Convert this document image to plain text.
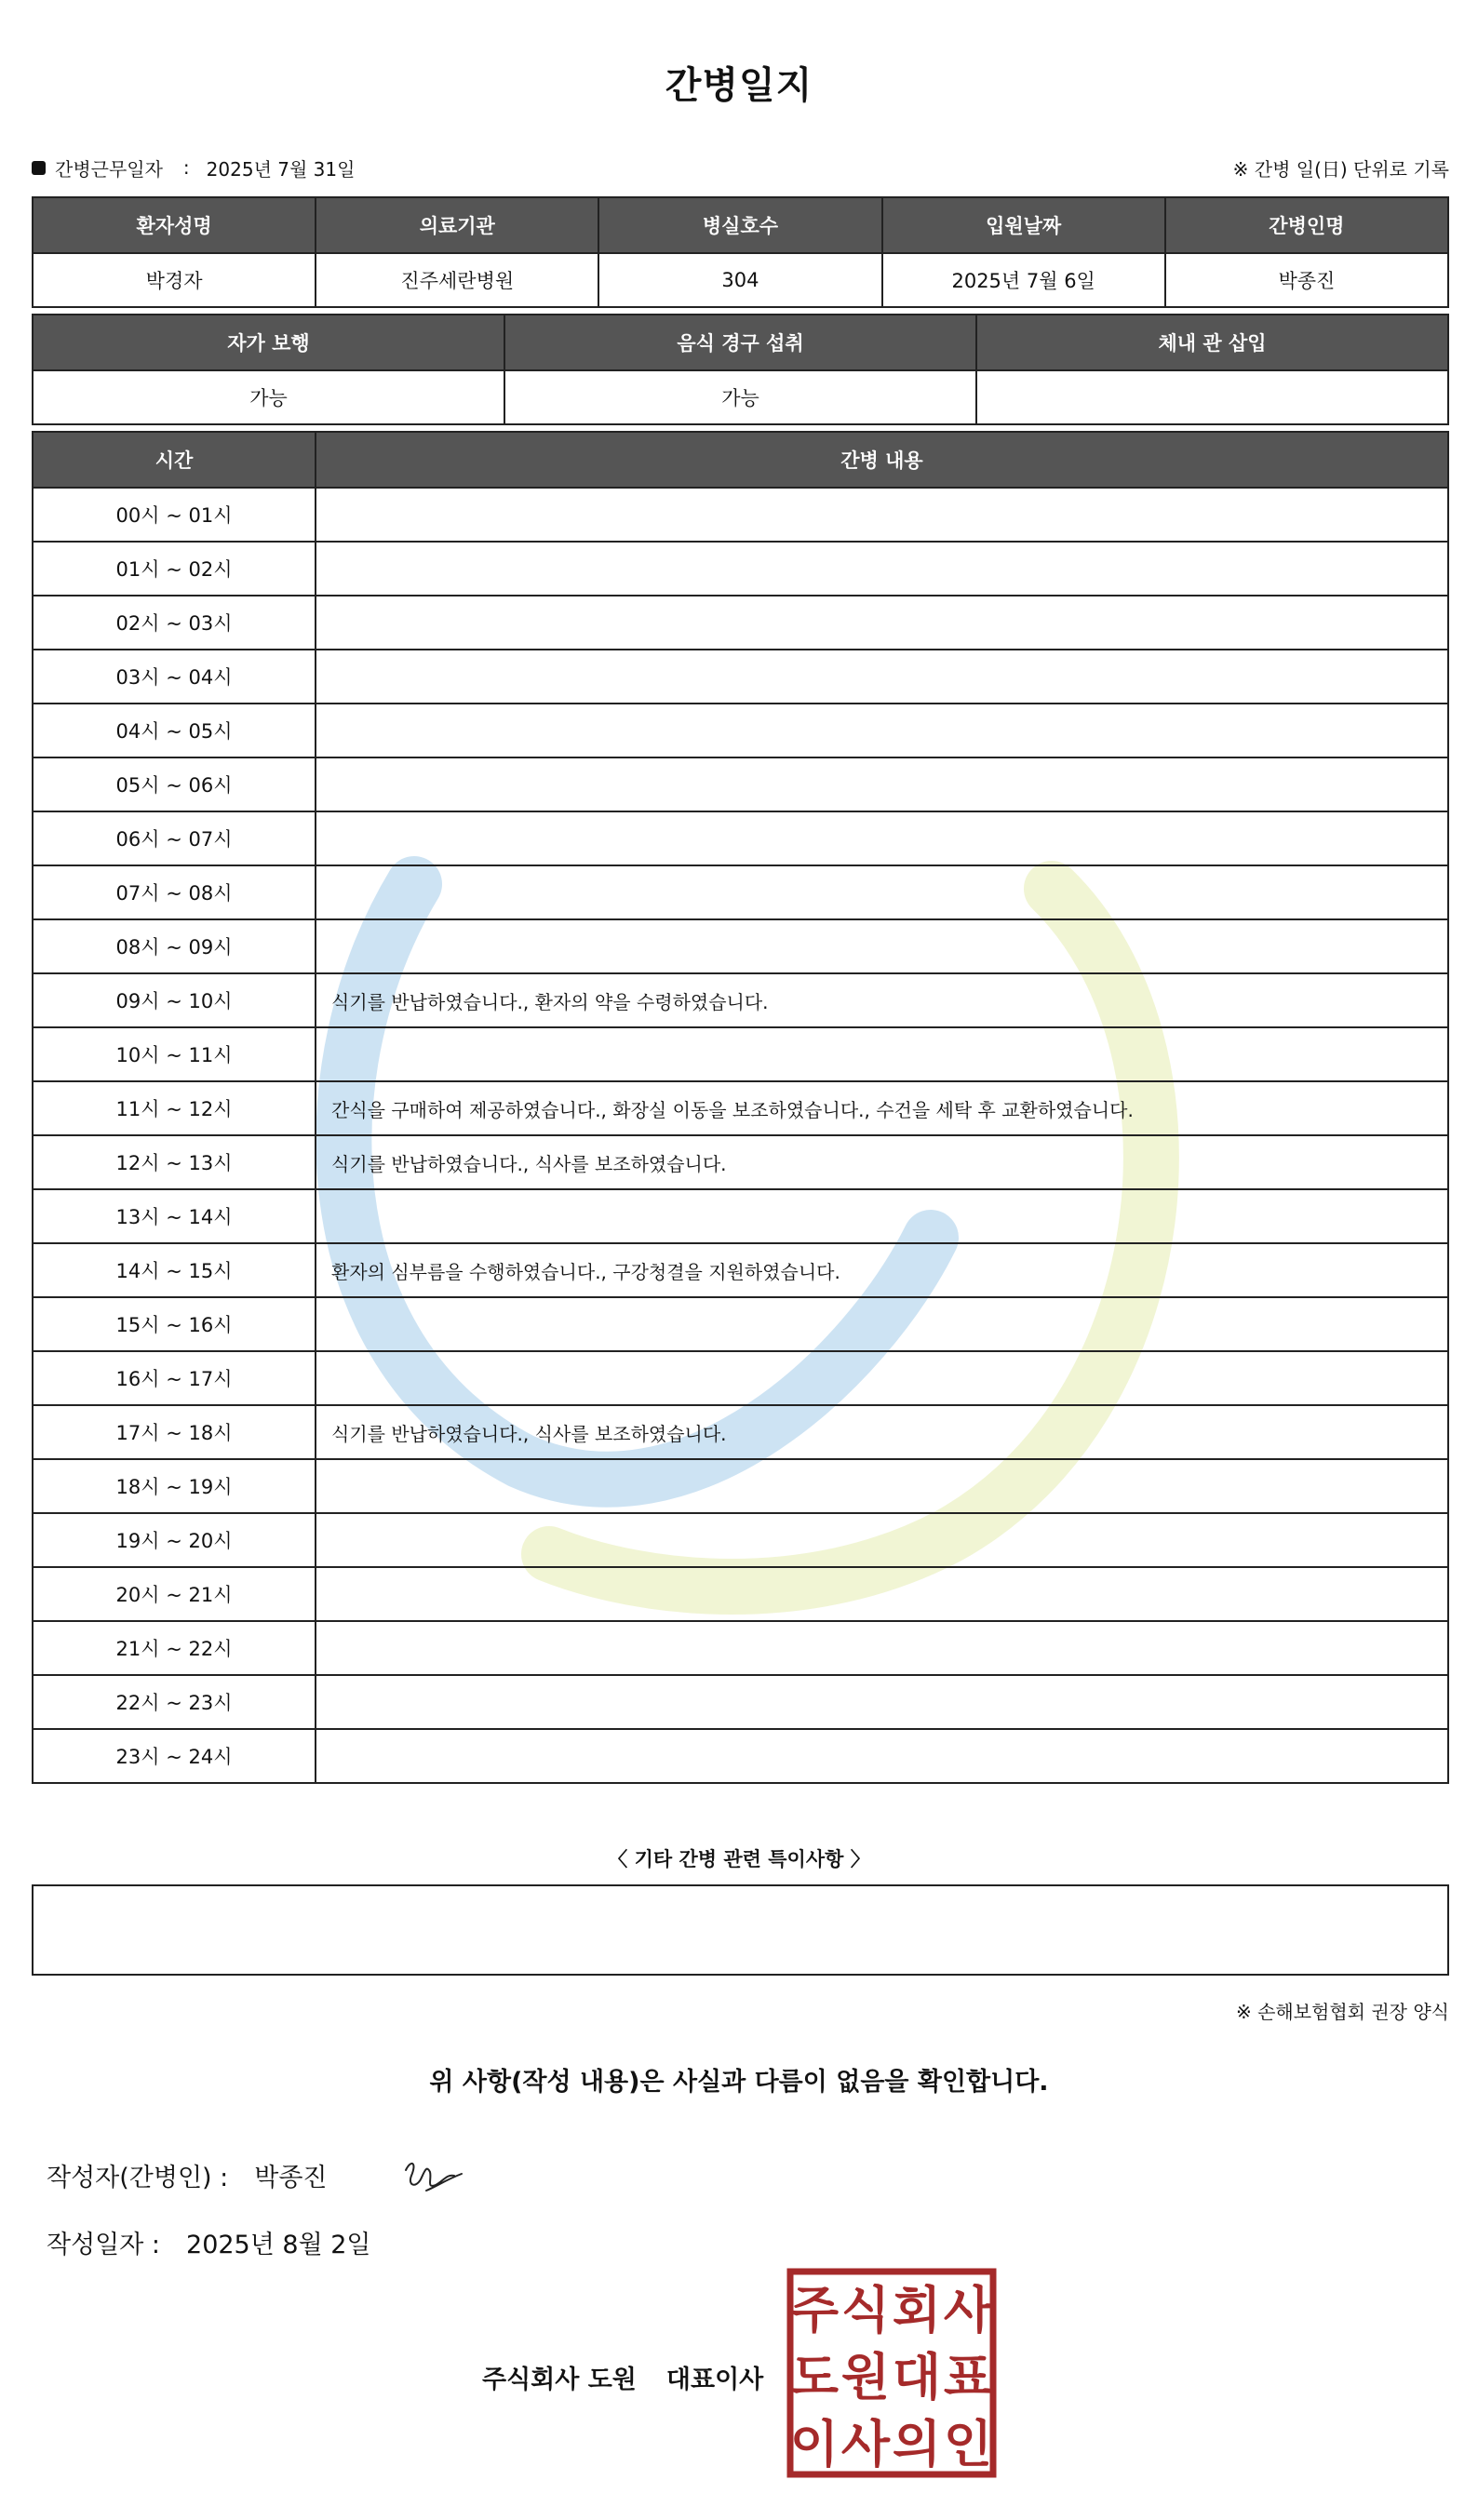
간병일지
간병근무일자 : 2025년 7월 31일	※ 간병 일(日) 단위로 기록
환자성명	의료기관	병실호수	입원날짜	간병인명
박경자	진주세란병원	304	2025년 7월 6일	박종진
자가 보행	음식 경구 섭취	체내 관 삽입
가능	가능	
시간	간병 내용
00시 ~ 01시	
01시 ~ 02시	
02시 ~ 03시	
03시 ~ 04시	
04시 ~ 05시	
05시 ~ 06시	
06시 ~ 07시	
07시 ~ 08시	
08시 ~ 09시	
09시 ~ 10시	식기를 반납하였습니다., 환자의 약을 수령하였습니다.
10시 ~ 11시	
11시 ~ 12시	간식을 구매하여 제공하였습니다., 화장실 이동을 보조하였습니다., 수건을 세탁 후 교환하였습니다.
12시 ~ 13시	식기를 반납하였습니다., 식사를 보조하였습니다.
13시 ~ 14시	
14시 ~ 15시	환자의 심부름을 수행하였습니다., 구강청결을 지원하였습니다.
15시 ~ 16시	
16시 ~ 17시	
17시 ~ 18시	식기를 반납하였습니다., 식사를 보조하였습니다.
18시 ~ 19시	
19시 ~ 20시	
20시 ~ 21시	
21시 ~ 22시	
22시 ~ 23시	
23시 ~ 24시	
〈 기타 간병 관련 특이사항 〉
※ 손해보험협회 권장 양식
위 사항(작성 내용)은 사실과 다름이 없음을 확인합니다.
작성자(간병인) : 박종진
작성일자 : 2025년 8월 2일
주식회사 도원 대표이사
주 식 회 사
도 원 대 표
이 사 의 인
